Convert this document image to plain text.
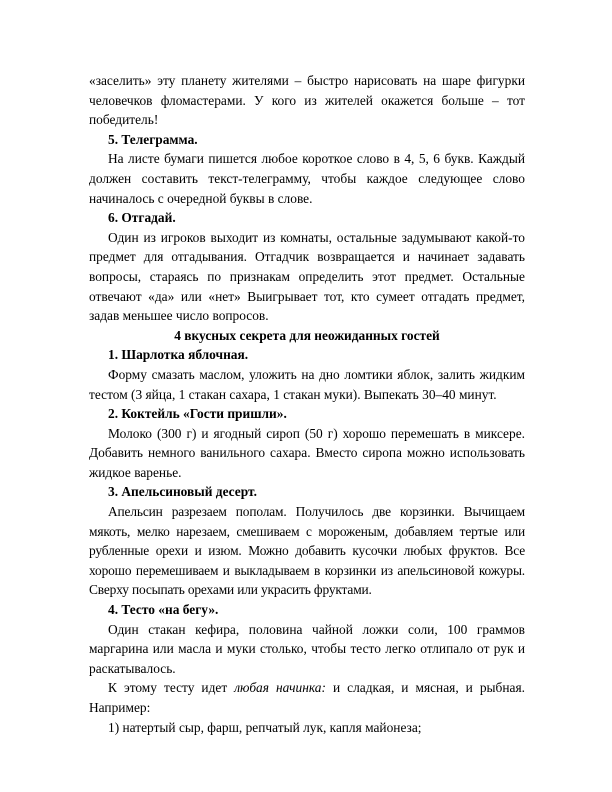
«заселить» эту планету жителями – быстро нарисовать на шаре фигурки человечков фломастерами. У кого из жителей окажется больше – тот победитель!

5. Телеграмма.

На листе бумаги пишется любое короткое слово в 4, 5, 6 букв. Каждый должен составить текст-телеграмму, чтобы каждое следующее слово начиналось с очередной буквы в слове.

6. Отгадай.

Один из игроков выходит из комнаты, остальные задумывают какой-то предмет для отгадывания. Отгадчик возвращается и начинает задавать вопросы, стараясь по признакам определить этот предмет. Остальные отвечают «да» или «нет» Выигрывает тот, кто сумеет отгадать предмет, задав меньшее число вопросов.

4 вкусных секрета для неожиданных гостей

1. Шарлотка яблочная.

Форму смазать маслом, уложить на дно ломтики яблок, залить жидким тестом (3 яйца, 1 стакан сахара, 1 стакан муки). Выпекать 30–40 минут.

2. Коктейль «Гости пришли».

Молоко (300 г) и ягодный сироп (50 г) хорошо перемешать в миксере. Добавить немного ванильного сахара. Вместо сиропа можно использовать жидкое варенье.

3. Апельсиновый десерт.

Апельсин разрезаем пополам. Получилось две корзинки. Вычищаем мякоть, мелко нарезаем, смешиваем с мороженым, добавляем тертые или рубленные орехи и изюм. Можно добавить кусочки любых фруктов. Все хорошо перемешиваем и выкладываем в корзинки из апельсиновой кожуры. Сверху посыпать орехами или украсить фруктами.

4. Тесто «на бегу».

Один стакан кефира, половина чайной ложки соли, 100 граммов маргарина или масла и муки столько, чтобы тесто легко отлипало от рук и раскатывалось.

К этому тесту идет любая начинка: и сладкая, и мясная, и рыбная. Например:

1) натертый сыр, фарш, репчатый лук, капля майонеза;
